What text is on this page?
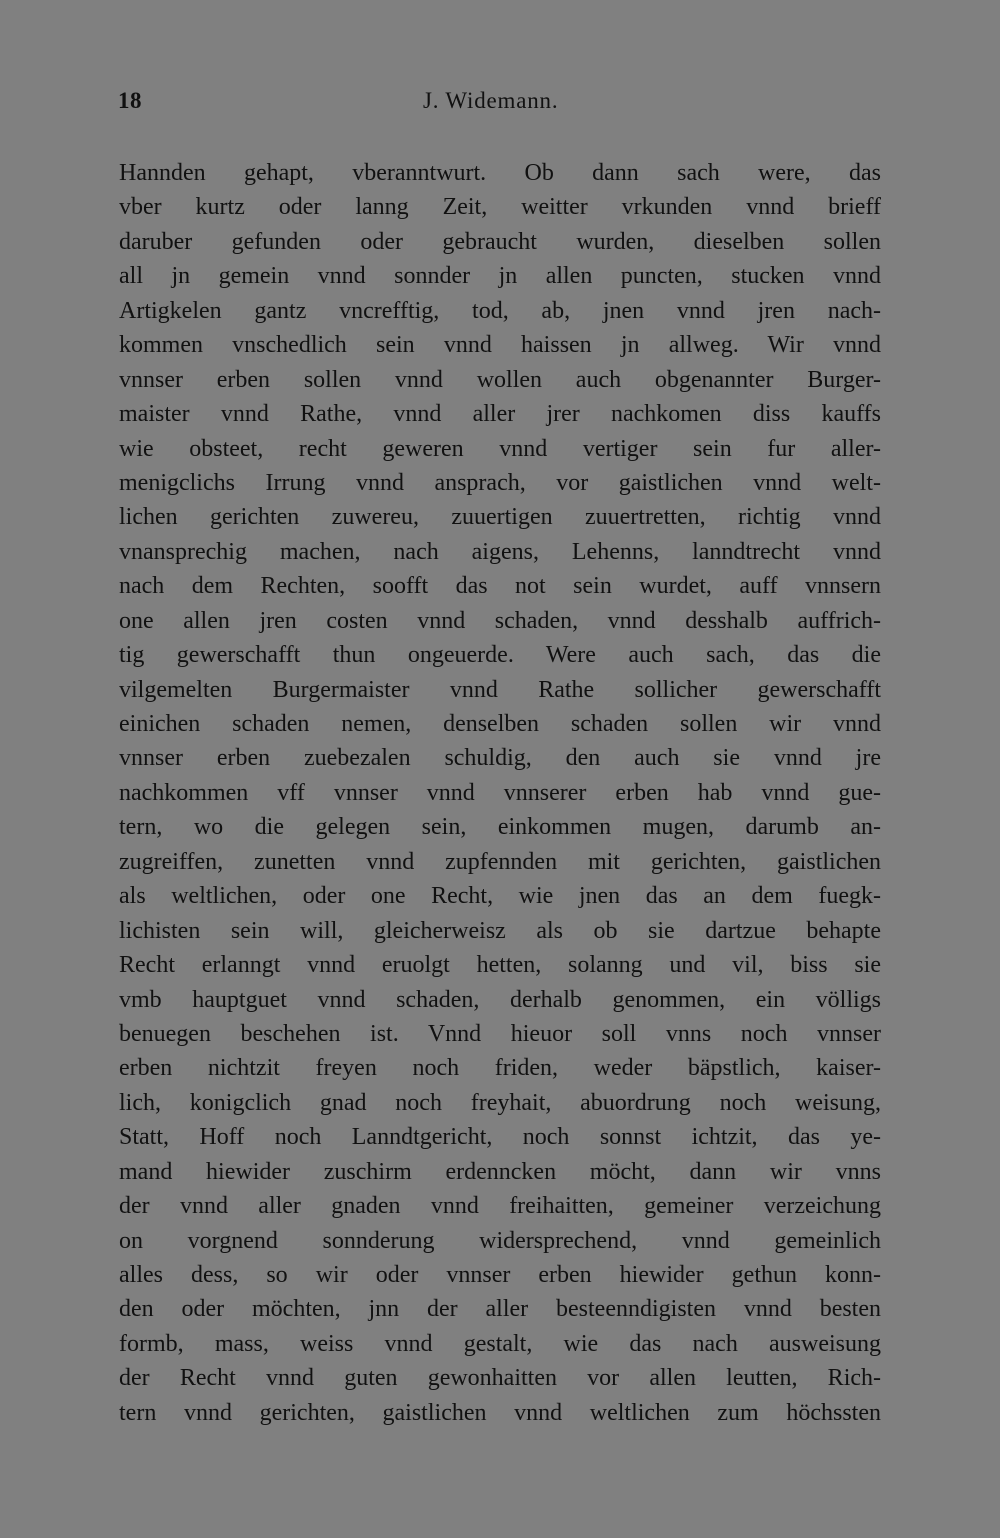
18	J. Widemann.
Hannden gehapt, vberanntwurt. Ob dann sach were, das
vber kurtz oder lanng Zeit, weitter vrkunden vnnd brieff
daruber gefunden oder gebraucht wurden, dieselben sollen
all jn gemein vnnd sonnder jn allen puncten, stucken vnnd
Artigkelen gantz vncrefftig, tod, ab, jnen vnnd jren nach-
kommen vnschedlich sein vnnd haissen jn allweg. Wir vnnd
vnnser erben sollen vnnd wollen auch obgenannter Burger-
maister vnnd Rathe, vnnd aller jrer nachkomen diss kauffs
wie obsteet, recht geweren vnnd vertiger sein fur aller-
menigclichs Irrung vnnd ansprach, vor gaistlichen vnnd welt-
lichen gerichten zuwereu, zuuertigen zuuertretten, richtig vnnd
vnansprechig machen, nach aigens, Lehenns, lanndtrecht vnnd
nach dem Rechten, soofft das not sein wurdet, auff vnnsern
one allen jren costen vnnd schaden, vnnd desshalb auffrich-
tig gewerschafft thun ongeuerde. Were auch sach, das die
vilgemelten Burgermaister vnnd Rathe sollicher gewerschafft
einichen schaden nemen, denselben schaden sollen wir vnnd
vnnser erben zuebezalen schuldig, den auch sie vnnd jre
nachkommen vff vnnser vnnd vnnserer erben hab vnnd gue-
tern, wo die gelegen sein, einkommen mugen, darumb an-
zugreiffen, zunetten vnnd zupfennden mit gerichten, gaistlichen
als weltlichen, oder one Recht, wie jnen das an dem fuegk-
lichisten sein will, gleicherweisz als ob sie dartzue behapte
Recht erlanngt vnnd eruolgt hetten, solanng und vil, biss sie
vmb hauptguet vnnd schaden, derhalb genommen, ein völligs
benuegen beschehen ist. Vnnd hieuor soll vnns noch vnnser
erben nichtzit freyen noch friden, weder bäpstlich, kaiser-
lich, konigclich gnad noch freyhait, abuordrung noch weisung,
Statt, Hoff noch Lanndtgericht, noch sonnst ichtzit, das ye-
mand hiewider zuschirm erdenncken möcht, dann wir vnns
der vnnd aller gnaden vnnd freihaitten, gemeiner verzeichung
on vorgnend sonnderung widersprechend, vnnd gemeinlich
alles dess, so wir oder vnnser erben hiewider gethun konn-
den oder möchten, jnn der aller besteenndigisten vnnd besten
formb, mass, weiss vnnd gestalt, wie das nach ausweisung
der Recht vnnd guten gewonhaitten vor allen leutten, Rich-
tern vnnd gerichten, gaistlichen vnnd weltlichen zum höchssten
